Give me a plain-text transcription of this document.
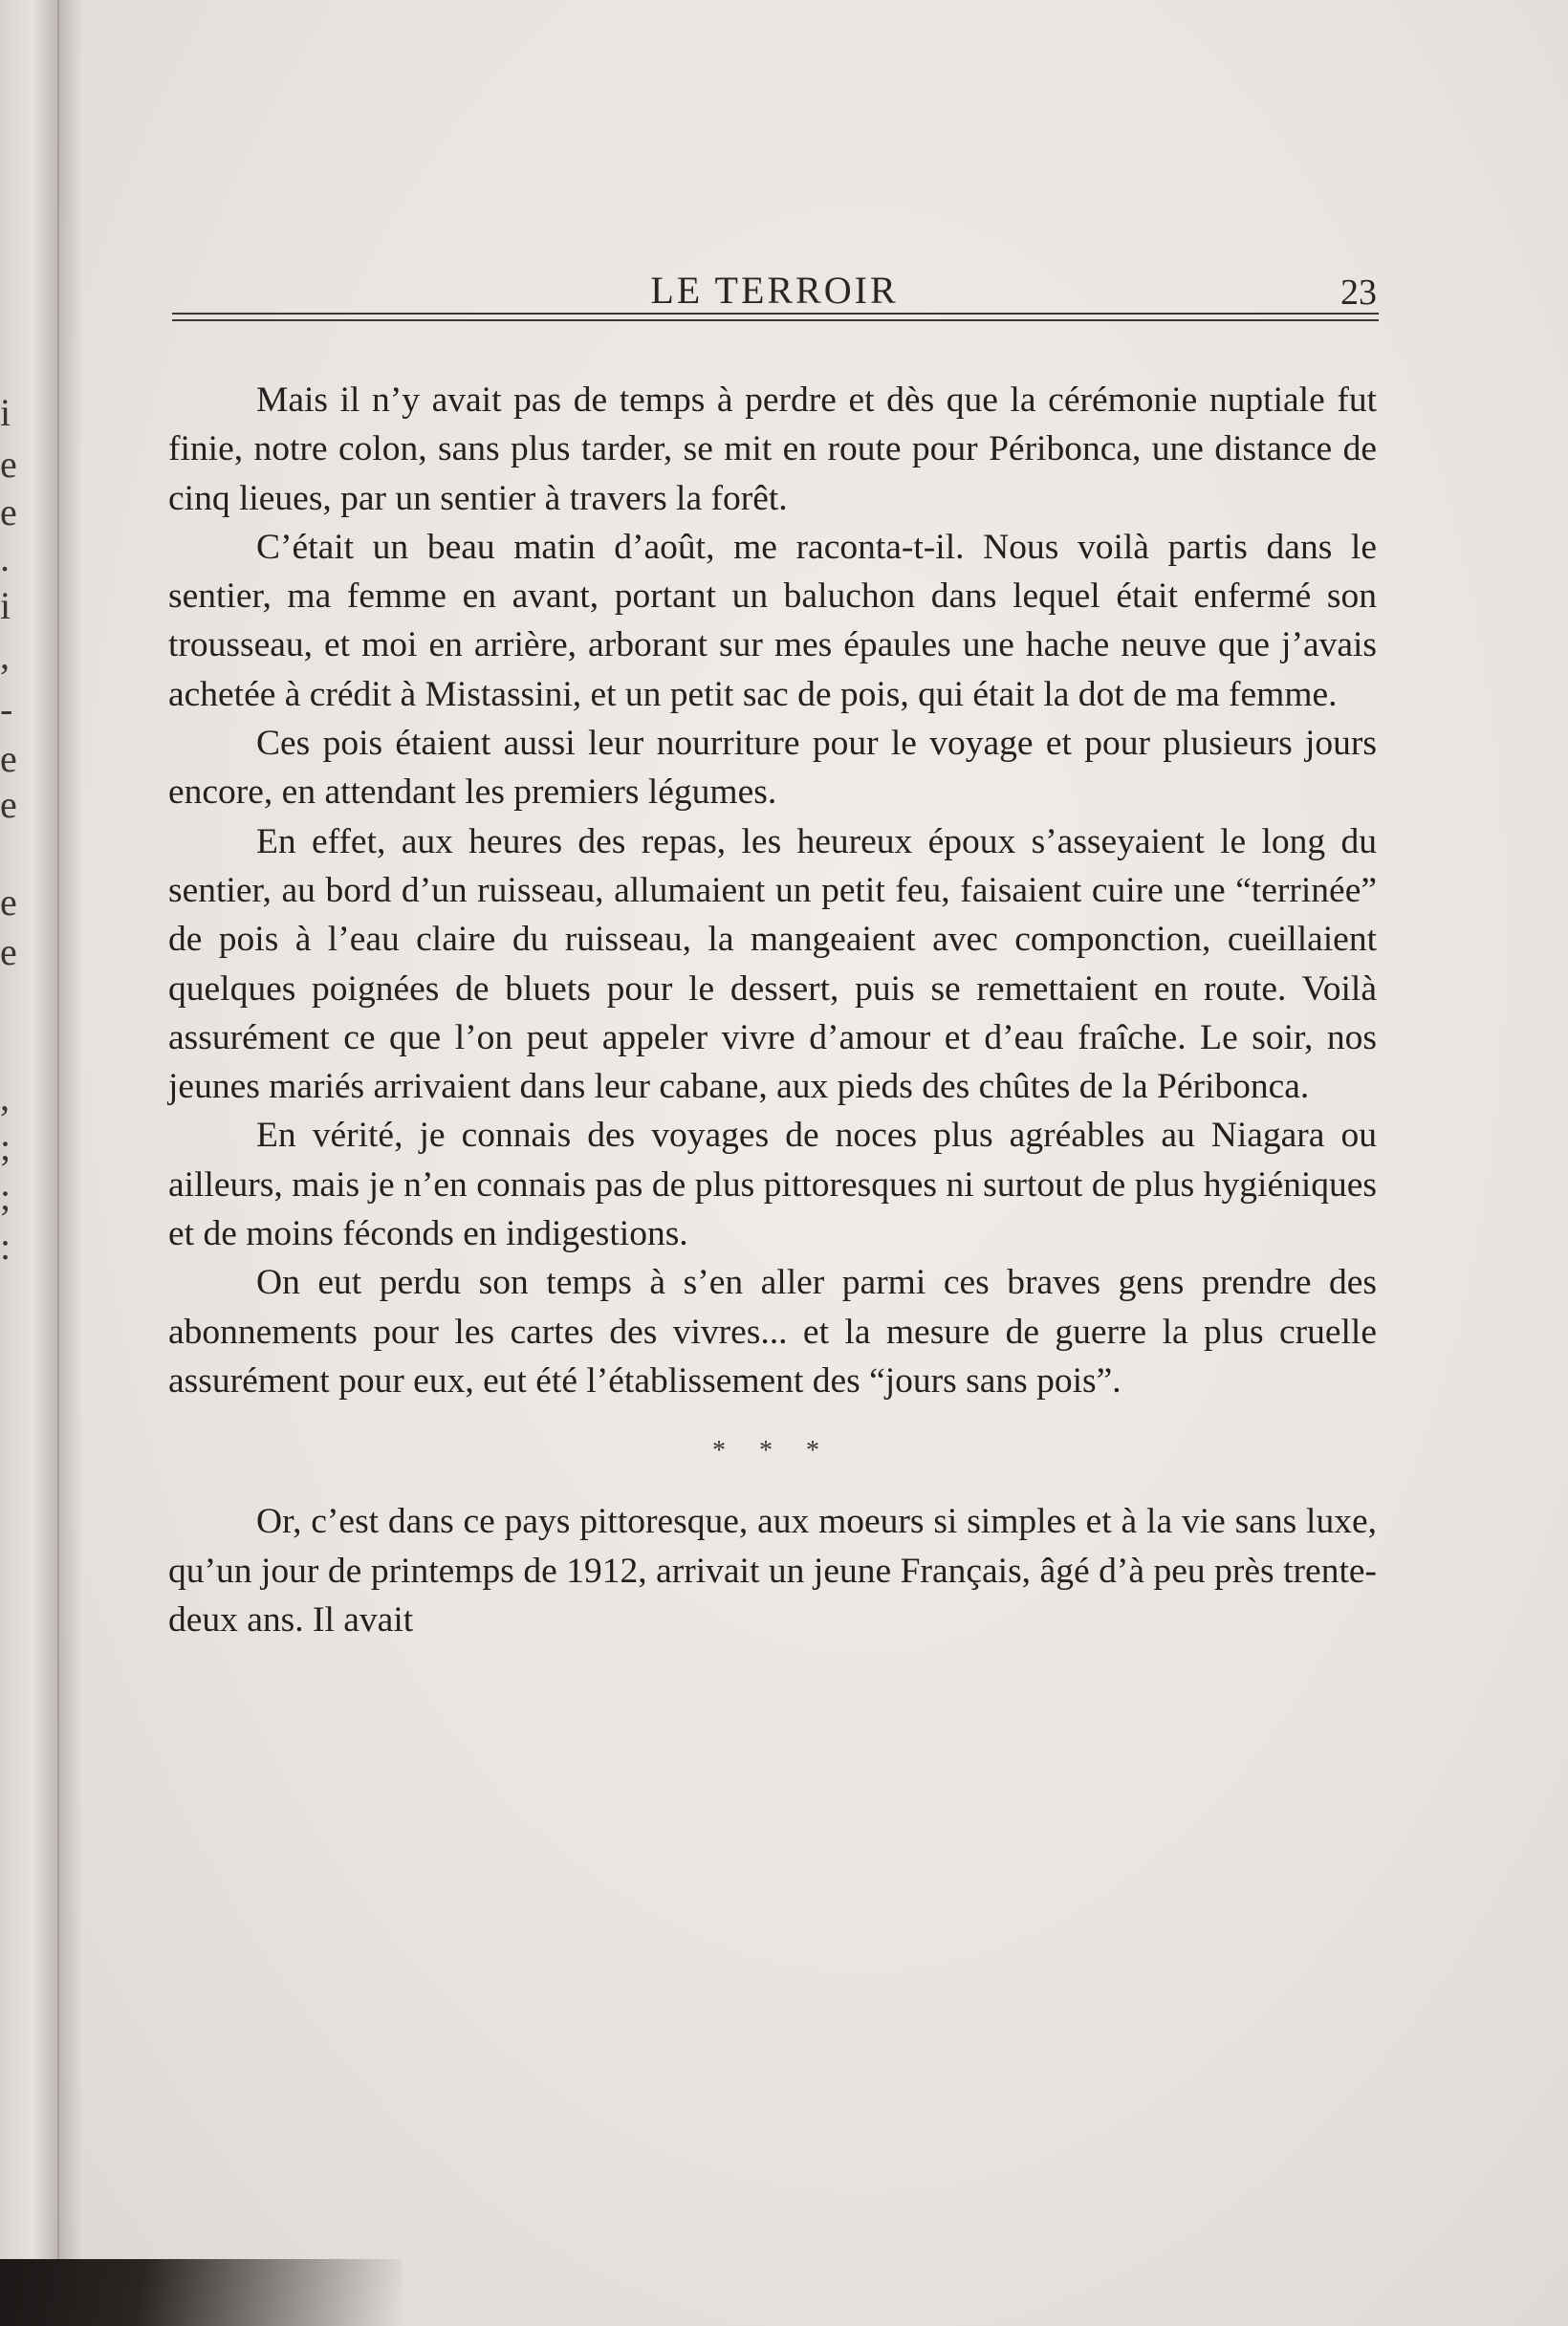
i
e
e
.
i
,
-
e
e
e
e
,
;
;
:
LE TERROIR	23

Mais il n’y avait pas de temps à perdre et dès que la cérémonie nuptiale fut finie, notre colon, sans plus tarder, se mit en route pour Péribonca, une distance de cinq lieues, par un sentier à travers la forêt.

C’était un beau matin d’août, me raconta-t-il. Nous voilà partis dans le sentier, ma femme en avant, portant un baluchon dans lequel était enfermé son trousseau, et moi en arrière, arborant sur mes épaules une hache neuve que j’avais achetée à crédit à Mistassini, et un petit sac de pois, qui était la dot de ma femme.

Ces pois étaient aussi leur nourriture pour le voyage et pour plusieurs jours encore, en attendant les premiers légumes.

En effet, aux heures des repas, les heureux époux s’asseyaient le long du sentier, au bord d’un ruisseau, allumaient un petit feu, faisaient cuire une “terrinée” de pois à l’eau claire du ruisseau, la mangeaient avec componction, cueillaient quelques poignées de bluets pour le dessert, puis se remettaient en route. Voilà assurément ce que l’on peut appeler vivre d’amour et d’eau fraîche. Le soir, nos jeunes mariés arrivaient dans leur cabane, aux pieds des chûtes de la Péribonca.

En vérité, je connais des voyages de noces plus agréables au Niagara ou ailleurs, mais je n’en connais pas de plus pittoresques ni surtout de plus hygiéniques et de moins féconds en indigestions.

On eut perdu son temps à s’en aller parmi ces braves gens prendre des abonnements pour les cartes des vivres... et la mesure de guerre la plus cruelle assurément pour eux, eut été l’établissement des “jours sans pois”.

* * *

Or, c’est dans ce pays pittoresque, aux moeurs si simples et à la vie sans luxe, qu’un jour de printemps de 1912, arrivait un jeune Français, âgé d’à peu près trente-deux ans. Il avait
